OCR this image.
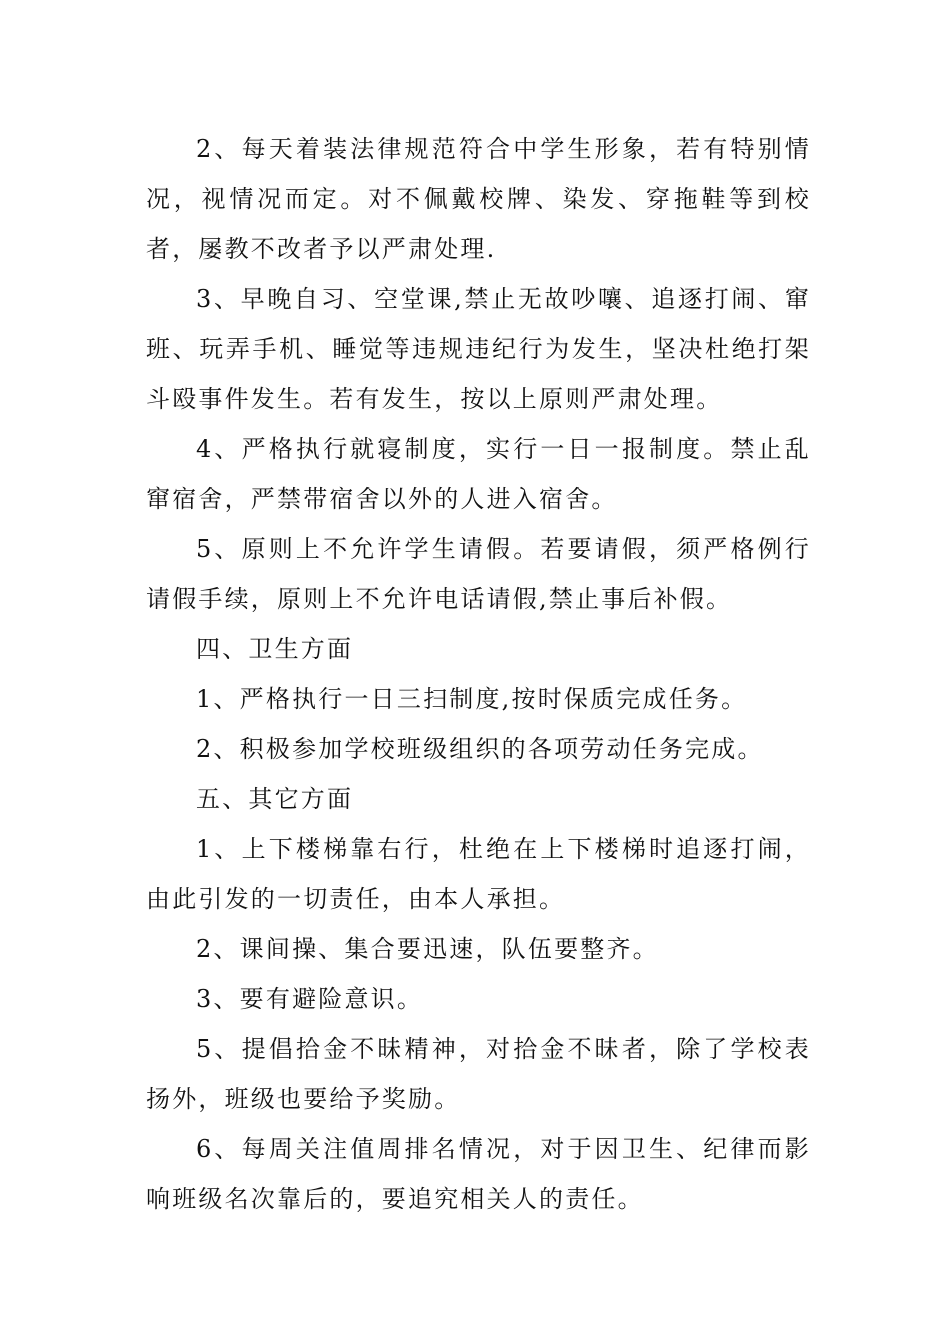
2、每天着装法律规范符合中学生形象，若有特别情况，视情况而定。对不佩戴校牌、染发、穿拖鞋等到校者，屡教不改者予以严肃处理.

3、早晚自习、空堂课,禁止无故吵嚷、追逐打闹、窜班、玩弄手机、睡觉等违规违纪行为发生，坚决杜绝打架斗殴事件发生。若有发生，按以上原则严肃处理。

4、严格执行就寝制度，实行一日一报制度。禁止乱窜宿舍，严禁带宿舍以外的人进入宿舍。

5、原则上不允许学生请假。若要请假，须严格例行请假手续，原则上不允许电话请假,禁止事后补假。

四、卫生方面

1、严格执行一日三扫制度,按时保质完成任务。

2、积极参加学校班级组织的各项劳动任务完成。

五、其它方面

1、上下楼梯靠右行，杜绝在上下楼梯时追逐打闹，由此引发的一切责任，由本人承担。

2、课间操、集合要迅速，队伍要整齐。

3、要有避险意识。

5、提倡拾金不昧精神，对拾金不昧者，除了学校表扬外，班级也要给予奖励。

6、每周关注值周排名情况，对于因卫生、纪律而影响班级名次靠后的，要追究相关人的责任。
